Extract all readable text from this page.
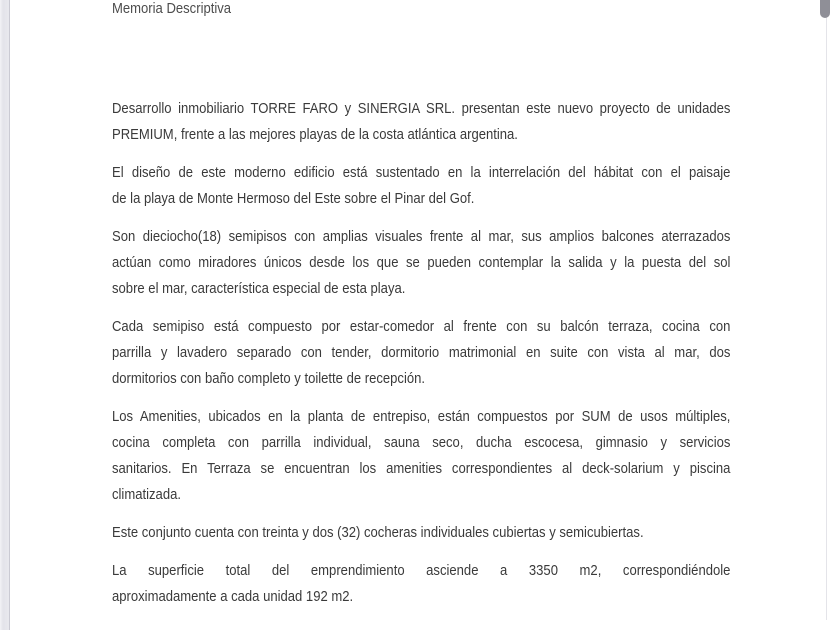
Memoria Descriptiva
Desarrollo inmobiliario TORRE FARO y SINERGIA SRL. presentan este nuevo proyecto de unidades
PREMIUM, frente a las mejores playas de la costa atlántica argentina.
El diseño de este moderno edificio está sustentado en la interrelación del hábitat con el paisaje
de la playa de Monte Hermoso del Este sobre el Pinar del Gof.
Son dieciocho(18) semipisos con amplias visuales frente al mar, sus amplios balcones aterrazados
actúan como miradores únicos desde los que se pueden contemplar la salida y la puesta del sol
sobre el mar, característica especial de esta playa.
Cada semipiso está compuesto por estar-comedor al frente con su balcón terraza, cocina con
parrilla y lavadero separado con tender, dormitorio matrimonial en suite con vista al mar, dos
dormitorios con baño completo y toilette de recepción.
Los Amenities, ubicados en la planta de entrepiso, están compuestos por SUM de usos múltiples,
cocina completa con parrilla individual, sauna seco, ducha escocesa, gimnasio y servicios
sanitarios. En Terraza se encuentran los amenities correspondientes al deck-solarium y piscina
climatizada.
Este conjunto cuenta con treinta y dos (32) cocheras individuales cubiertas y semicubiertas.
La superficie total del emprendimiento asciende a 3350 m2, correspondiéndole
aproximadamente a cada unidad 192 m2.
